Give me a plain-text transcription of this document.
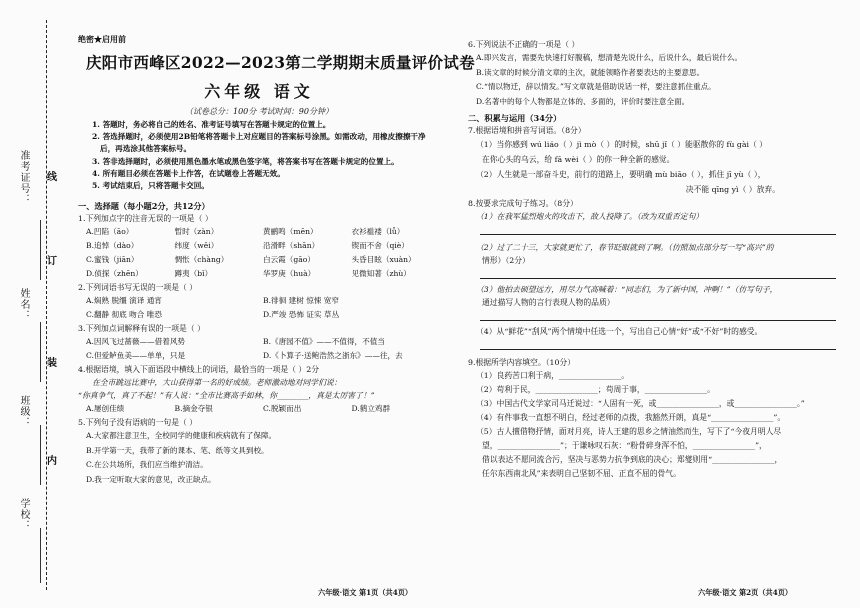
准考证号：
姓名：
班级：
学校：
线
订
装
内
绝密★启用前
庆阳市西峰区2022—2023第二学期期末质量评价试卷
六年级 语文
（试卷总分：100分 考试时间：90分钟）
1. 答题时，务必将自己的姓名、准考证号填写在答题卡规定的位置上。
2. 答选择题时，必须使用2B铅笔将答题卡上对应题目的答案标号涂黑。如需改动，用橡皮擦擦干净后，再选涂其他答案标号。
3. 答非选择题时，必须使用黑色墨水笔或黑色签字笔，将答案书写在答题卡规定的位置上。
4. 所有题目必须在答题卡上作答，在试题卷上答题无效。
5. 考试结束后，只将答题卡交回。
一、选择题（每小题2分，共12分）
1.下列加点字的注音无误的一项是（ ）
A.凹陷（āo）	暂时（zàn）	黄鹂鸣（mēn）	衣衫褴褛（lǚ）
B.追悼（dào）	纬度（wěi）	沿滑畔（shān）	锲而不舍（qiè）
C.蜜钱（jiān）	惆怅（chàng）	白云霞（gāo）	头昏目眩（xuàn）
D.侦探（zhēn）	蹲夷（bǐ）	华罗庚（huà）	见微知著（zhù）
2.下列词语书写无误的一项是（ ）
A.焖熟 脱缰 演译 通宵	B.徘徊 建树 惊悚 宽窄
C.翻静 彻底 吻合 唯恐	D.严竣 恐怖 证实 草丛
3.下列加点词解释有误的一项是（ ）
A.因风飞过蔷薇——借着风势	B.《唐园不值》——不值得，不值当
C.但爱鲈鱼美——单单，只是	D.《卜算子·送鲍浩然之浙东》——往，去
4.根据语境，填入下面语段中横线上的词语，最恰当的一项是（ ）2分
在全市跳远比赛中，大山获得第一名的好成绩。老师激动地对同学们说：
“你真争气，真了不起！”有人说：“全市比赛高手如林，你________，真是太厉害了！”
A.屡创佳绩	B.摘金夺银	C.脱颖而出	D.鹤立鸡群
5.下列句子没有语病的一句是（ ）
A.大家都注意卫生，全校同学的健康和疾病就有了保障。
B.开学第一天，我带了新的课本、笔、纸等文具到校。
C.在公共场所，我们应当维护清洁。
D.我一定听取大家的意见，改正缺点。
六年级·语文 第1页（共4页）
6.下列说法不正确的一项是（ ）
A.即兴发言，需要先快速打好腹稿，想清楚先说什么，后说什么，最后说什么。
B.读文章的时候分清文章的主次，就能领略作者要表达的主要意思。
C.“情以物迁，辞以情发。”写文章就是借助说话一样，要注意抓住重点。
D.名著中的每个人物都是立体的、多面的，评价时要注意全面。
二、积累与运用（34分）
7.根据语境和拼音写词语。（8分）
（1）当你感到 wú liáo（ ）jì mò（ ）的时候，shū jǐ（ ）能驱散你的 fù gài（ ）
在你心头的乌云，给 fā wèi（ ）的你一种全新的感觉。
（2）人生就是一部奋斗史，前行的道路上，要明确 mù biāo（ ），抓住 jī yù（ ），
决不能 qīng yì（ ）放弃。
8.按要求完成句子练习。（8分）
（1）在我军猛烈炮火的攻击下，敌人投降了。（改为双重否定句）
（2）过了二十三，大家就更忙了，春节眨眼就到了啊。（仿照加点部分写一写“高兴”的
情形）（2分）
（3）他拍去硕望远方，用尽力气高喊着：“同志们，为了新中国，冲啊！”（仿写句子，
通过描写人物的言行表现人物的品质）
（4）从“鲜花”“刮风”两个情境中任选一个，写出自己心情“好”或“不好”时的感受。
9.根据所学内容填空。（10分）
（1）良药苦口利于病，________________。
（2）苟利于民，________________；苟周于事，________________。
（3）中国古代文学家司马迁说过：“人固有一死，或________________，或________________。”
（4）有件事我一直想不明白，经过老师的点拨，我豁然开朗，真是“________________”。
（5）古人擅借物抒情，面对月亮，诗人王建的思乡之情油然而生，写下了“今夜月明人尽
望，________________”；于谦咏叹石灰：“粉骨碎身浑不怕，________________”，
借以表达不愿同流合污，坚决与恶势力抗争到底的决心；郑燮则用“________________，
任尔东西南北风”来表明自己坚韧不屈、正直不屈的骨气。
六年级·语文 第2页（共4页）
